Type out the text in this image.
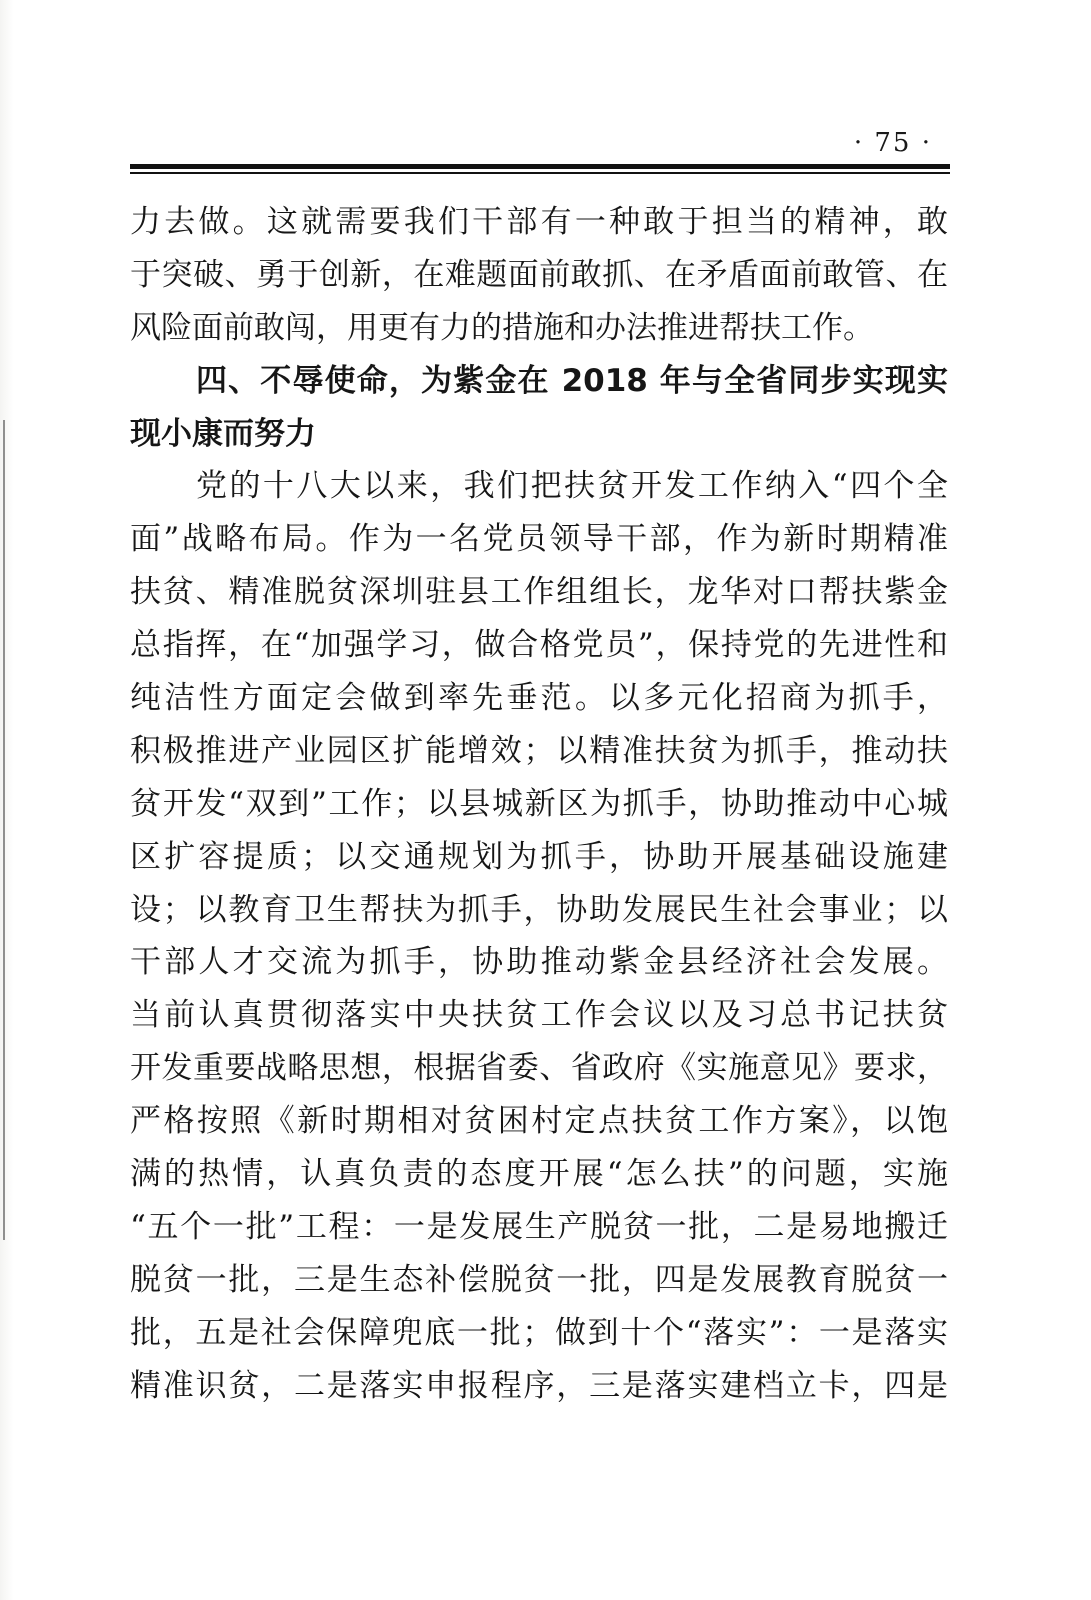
· 75 ·
力去做。这就需要我们干部有一种敢于担当的精神，敢
于突破、勇于创新，在难题面前敢抓、在矛盾面前敢管、在
风险面前敢闯，用更有力的措施和办法推进帮扶工作。
四、不辱使命，为紫金在 2018 年与全省同步实现实
现小康而努力
党的十八大以来，我们把扶贫开发工作纳入“四个全
面”战略布局。作为一名党员领导干部，作为新时期精准
扶贫、精准脱贫深圳驻县工作组组长，龙华对口帮扶紫金
总指挥，在“加强学习，做合格党员”，保持党的先进性和
纯洁性方面定会做到率先垂范。以多元化招商为抓手，
积极推进产业园区扩能增效；以精准扶贫为抓手，推动扶
贫开发“双到”工作；以县城新区为抓手，协助推动中心城
区扩容提质；以交通规划为抓手，协助开展基础设施建
设；以教育卫生帮扶为抓手，协助发展民生社会事业；以
干部人才交流为抓手，协助推动紫金县经济社会发展。
当前认真贯彻落实中央扶贫工作会议以及习总书记扶贫
开发重要战略思想，根据省委、省政府《实施意见》要求，
严格按照《新时期相对贫困村定点扶贫工作方案》，以饱
满的热情，认真负责的态度开展“怎么扶”的问题，实施
“五个一批”工程：一是发展生产脱贫一批，二是易地搬迁
脱贫一批，三是生态补偿脱贫一批，四是发展教育脱贫一
批，五是社会保障兜底一批；做到十个“落实”：一是落实
精准识贫，二是落实申报程序，三是落实建档立卡，四是
